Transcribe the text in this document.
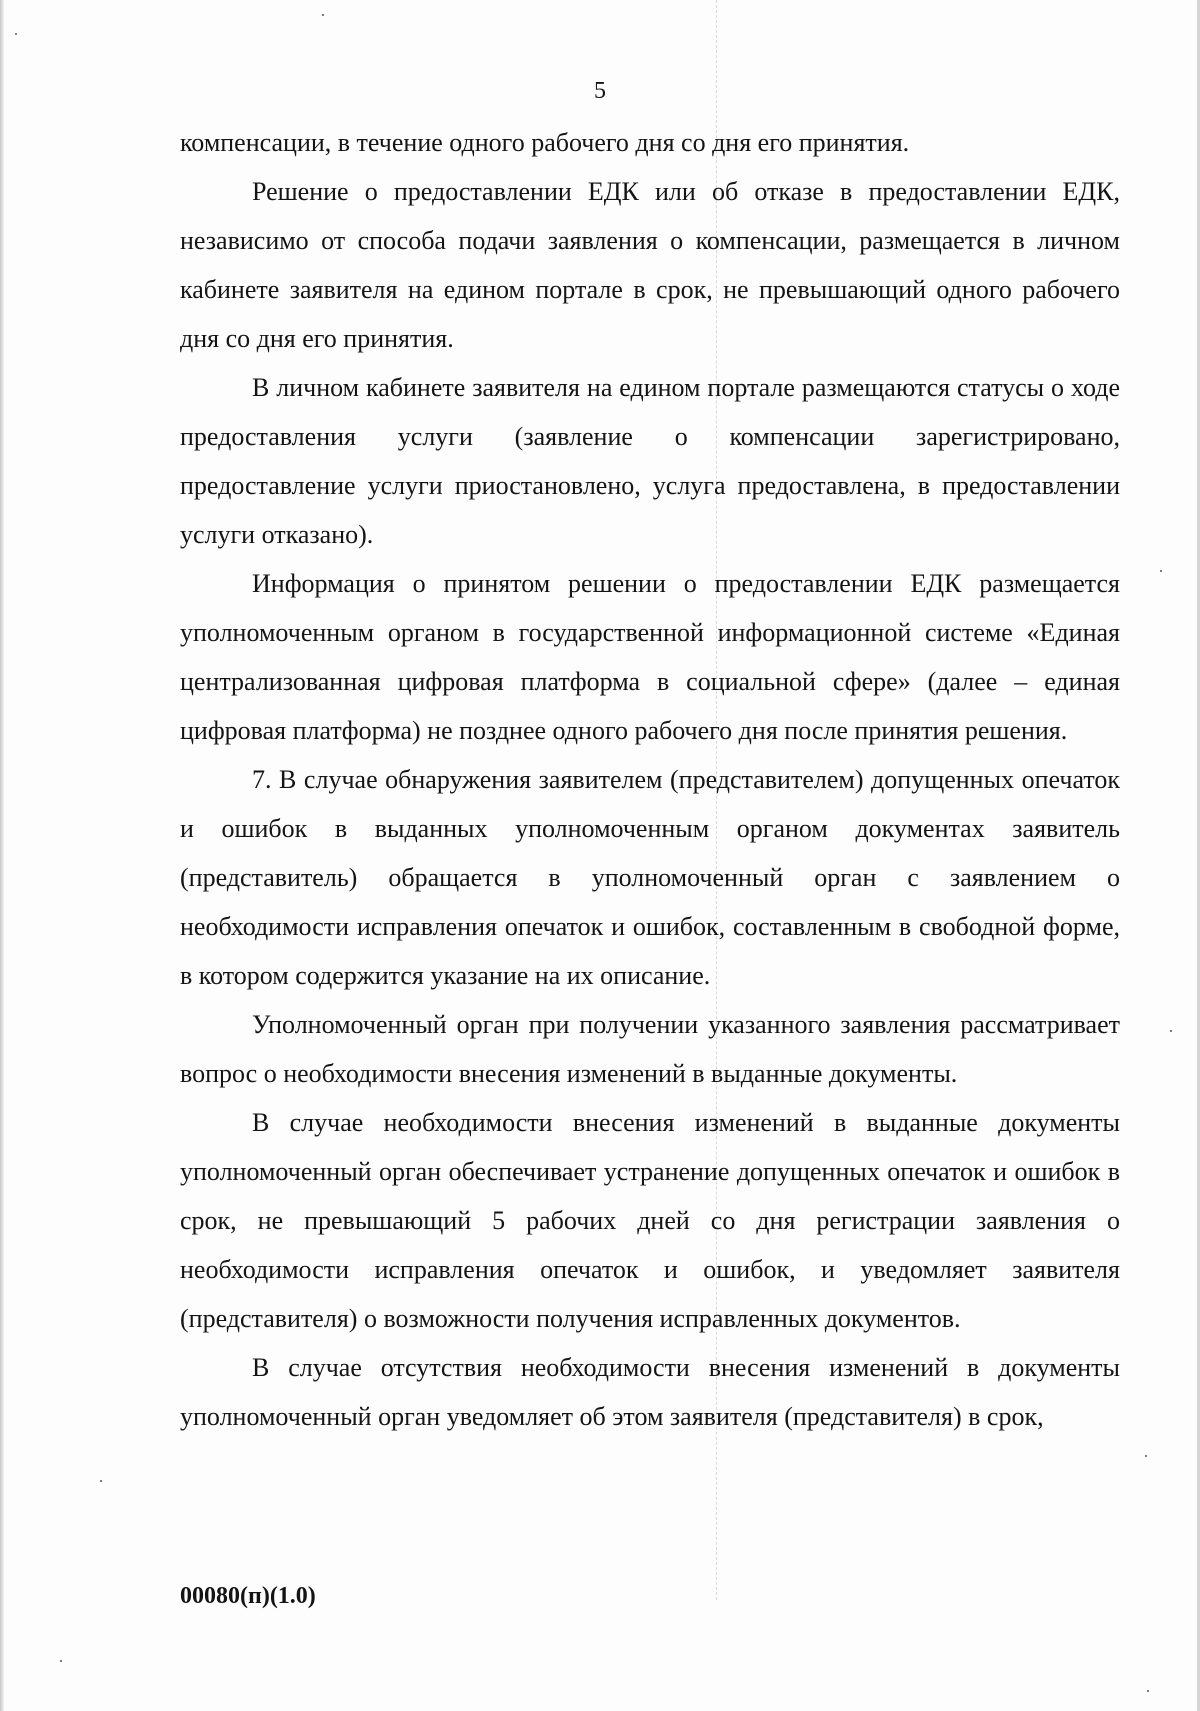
5

компенсации, в течение одного рабочего дня со дня его принятия.

Решение о предоставлении ЕДК или об отказе в предоставлении ЕДК, независимо от способа подачи заявления о компенсации, размещается в личном кабинете заявителя на едином портале в срок, не превышающий одного рабочего дня со дня его принятия.

В личном кабинете заявителя на едином портале размещаются статусы о ходе предоставления услуги (заявление о компенсации зарегистрировано, предоставление услуги приостановлено, услуга предоставлена, в предоставлении услуги отказано).

Информация о принятом решении о предоставлении ЕДК размещается уполномоченным органом в государственной информационной системе «Единая централизованная цифровая платформа в социальной сфере» (далее – единая цифровая платформа) не позднее одного рабочего дня после принятия решения.

7. В случае обнаружения заявителем (представителем) допущенных опечаток и ошибок в выданных уполномоченным органом документах заявитель (представитель) обращается в уполномоченный орган с заявлением о необходимости исправления опечаток и ошибок, составленным в свободной форме, в котором содержится указание на их описание.

Уполномоченный орган при получении указанного заявления рассматривает вопрос о необходимости внесения изменений в выданные документы.

В случае необходимости внесения изменений в выданные документы уполномоченный орган обеспечивает устранение допущенных опечаток и ошибок в срок, не превышающий 5 рабочих дней со дня регистрации заявления о необходимости исправления опечаток и ошибок, и уведомляет заявителя (представителя) о возможности получения исправленных документов.

В случае отсутствия необходимости внесения изменений в документы уполномоченный орган уведомляет об этом заявителя (представителя) в срок,

00080(п)(1.0)
